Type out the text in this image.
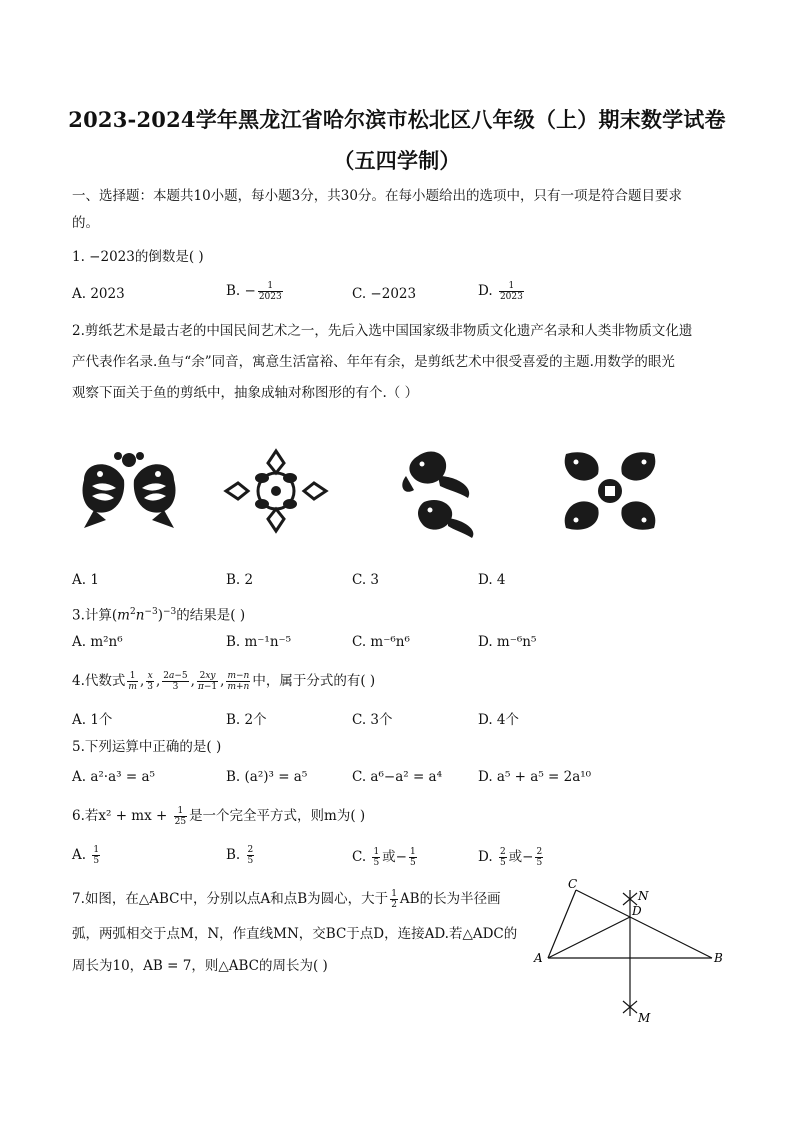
2023-2024学年黑龙江省哈尔滨市松北区八年级（上）期末数学试卷
（五四学制）
一、选择题：本题共10小题，每小题3分，共30分。在每小题给出的选项中，只有一项是符合题目要求
的。
1. −2023的倒数是( )
A. 2023	B. − $\frac{1}{2023}$	C. −2023	D. $\frac{1}{2023}$
2.剪纸艺术是最古老的中国民间艺术之一，先后入选中国国家级非物质文化遗产名录和人类非物质文化遗
产代表作名录.鱼与“余”同音，寓意生活富裕、年年有余，是剪纸艺术中很受喜爱的主题.用数学的眼光
观察下面关于鱼的剪纸中，抽象成轴对称图形的有个.（ ）
A. 1	B. 2	C. 3	D. 4
3.计算$(m^2n^{-3})^{-3}$的结果是( )
A. m²n⁶	B. m⁻¹n⁻⁵	C. m⁻⁶n⁶	D. m⁻⁶n⁵
4.代数式 $\frac{1}{m}$ , $\frac{x}{3}$ , $\frac{2a-5}{3}$ , $\frac{2xy}{\pi-1}$ , $\frac{m-n}{m+n}$ 中，属于分式的有( )
A. 1个	B. 2个	C. 3个	D. 4个
5.下列运算中正确的是( )
A. a²·a³ = a⁵	B. (a²)³ = a⁵	C. a⁶−a² = a⁴	D. a⁵ + a⁵ = 2a¹⁰
6.若x² + mx + $\frac{1}{25}$ 是一个完全平方式，则m为( )
A. $\frac{1}{5}$	B. $\frac{2}{5}$	C. $\frac{1}{5}$ 或− $\frac{1}{5}$	D. $\frac{2}{5}$ 或− $\frac{2}{5}$
7.如图，在△ABC中，分别以点A和点B为圆心，大于 $\frac{1}{2}$ AB的长为半径画
弧，两弧相交于点M，N，作直线MN，交BC于点D，连接AD.若△ADC的
周长为10，AB = 7，则△ABC的周长为( )	A	B
C
D
M
N
